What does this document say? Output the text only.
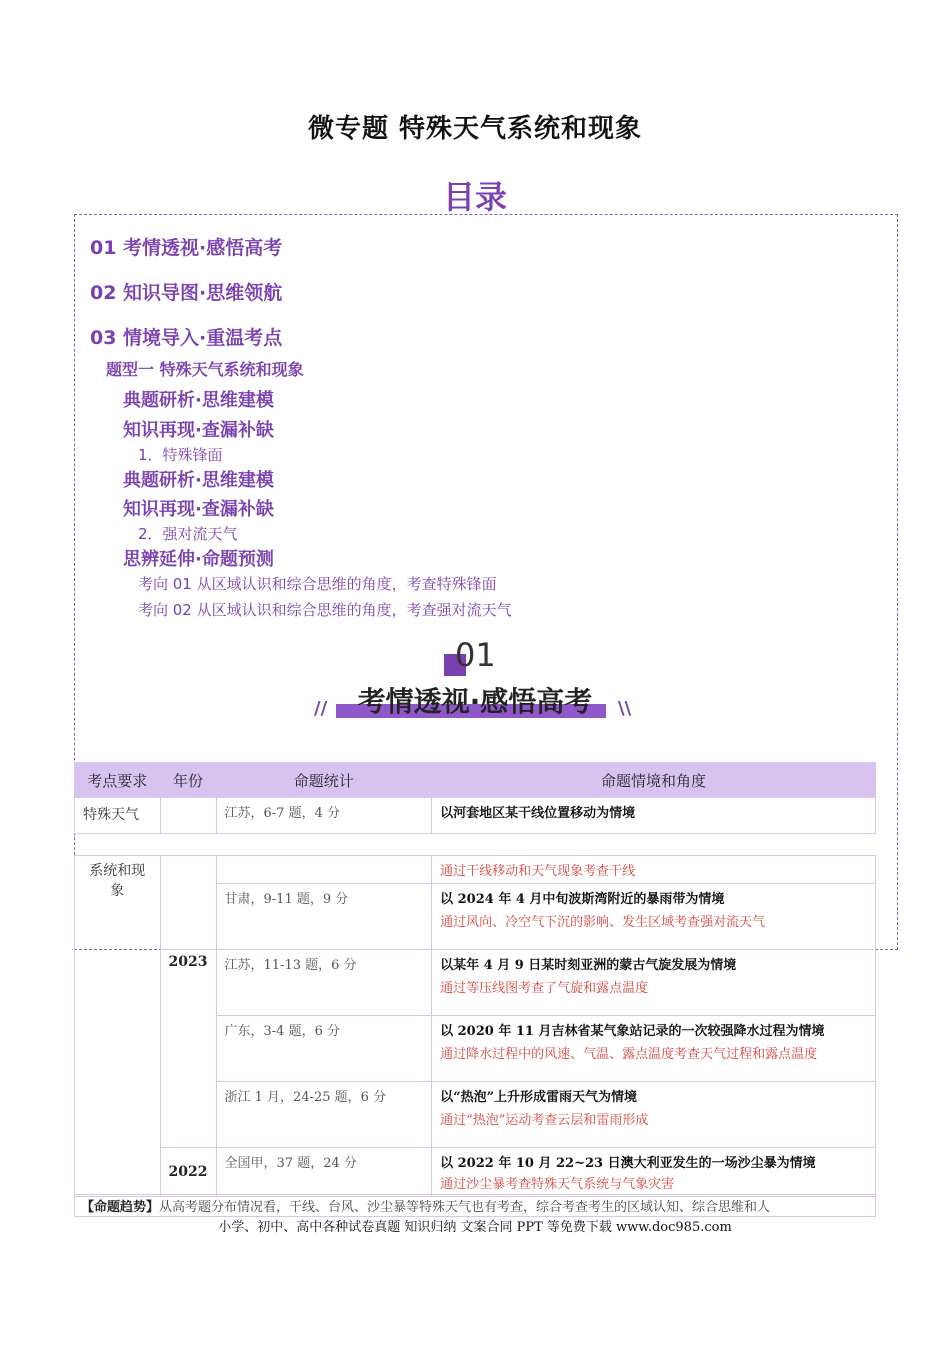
微专题 特殊天气系统和现象
目录
01 考情透视·感悟高考
02 知识导图·思维领航
03 情境导入·重温考点
题型一 特殊天气系统和现象
典题研析·思维建模
知识再现·查漏补缺
1．特殊锋面
典题研析·思维建模
知识再现·查漏补缺
2．强对流天气
思辨延伸·命题预测
考向 01 从区域认识和综合思维的角度，考查特殊锋面
考向 02 从区域认识和综合思维的角度，考查强对流天气
01
考情透视·感悟高考
//	\\
考点要求	年份	命题统计	命题情境和角度

特殊天气		江苏，6-7 题，4 分	以河套地区某干线位置移动为情境

系统和现
象			通过干线移动和天气现象考查干线

		甘肃，9-11 题，9 分	以 2024 年 4 月中旬波斯湾附近的暴雨带为情境
通过风向、冷空气下沉的影响、发生区域考查强对流天气

	2023	江苏，11-13 题，6 分	以某年 4 月 9 日某时刻亚洲的蒙古气旋发展为情境
通过等压线图考查了气旋和露点温度

		广东，3-4 题，6 分	以 2020 年 11 月吉林省某气象站记录的一次较强降水过程为情境
通过降水过程中的风速、气温、露点温度考查天气过程和露点温度

		浙江 1 月，24-25 题，6 分	以“热泡”上升形成雷雨天气为情境
通过“热泡”运动考查云层和雷雨形成

	2022	全国甲，37 题，24 分	以 2022 年 10 月 22~23 日澳大利亚发生的一场沙尘暴为情境
通过沙尘暴考查特殊天气系统与气象灾害
【命题趋势】从高考题分布情况看，干线、台风、沙尘暴等特殊天气也有考查，综合考查考生的区域认知、综合思维和人
小学、初中、高中各种试卷真题 知识归纳 文案合同 PPT 等免费下载 www.doc985.com
